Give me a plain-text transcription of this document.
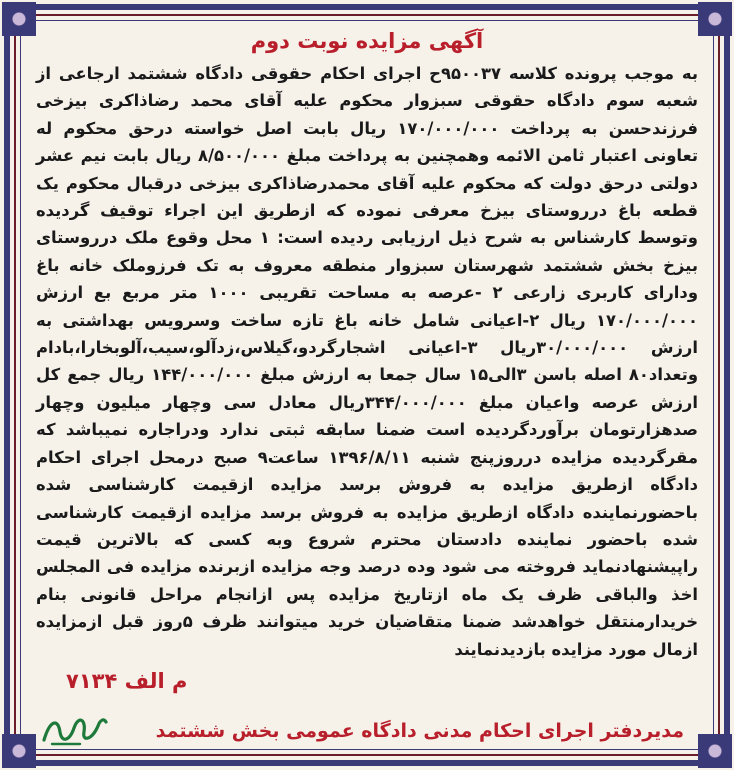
آگهی مزایده نوبت دوم

به موجب پرونده کلاسه ۹۵۰۰۳۷ح اجرای احکام حقوقی دادگاه ششتمد ارجاعی از شعبه سوم دادگاه حقوقی سبزوار محکوم علیه آقای محمد رضاذاکری بیزخی فرزندحسن به پرداخت ۱۷۰/۰۰۰/۰۰۰ ریال بابت اصل خواسته درحق محکوم له تعاونی اعتبار ثامن الائمه وهمچنین به پرداخت مبلغ ۸/۵۰۰/۰۰۰ ریال بابت نیم عشر دولتی درحق دولت که محکوم علیه آقای محمدرضاذاکری بیزخی درقبال محکوم یک قطعه باغ درروستای بیزخ معرفی نموده که ازطریق این اجراء توقیف گردیده وتوسط کارشناس به شرح ذیل ارزیابی ردیده است: ۱ محل وقوع ملک درروستای بیزخ بخش ششتمد شهرستان سبزوار منطقه معروف به تک فرزوملک خانه باغ ودارای کاربری زارعی ۲ -عرصه به مساحت تقریبی ۱۰۰۰ متر مربع بع ارزش ۱۷۰/۰۰۰/۰۰۰ ریال ۲-اعیانی شامل خانه باغ تازه ساخت وسرویس بهداشتی به ارزش ۳۰/۰۰۰/۰۰۰ریال ۳-اعیانی اشجارگردو،گیلاس،زدآلو،سیب،آلوبخارا،بادام وتعداد۸۰ اصله باسن ۳الی۱۵ سال جمعا به ارزش مبلغ ۱۴۴/۰۰۰/۰۰۰ ریال جمع کل ارزش عرصه واعیان مبلغ ۳۴۴/۰۰۰/۰۰۰ریال معادل سی وچهار میلیون وچهار صدهزارتومان برآوردگردیده است ضمنا سابقه ثبتی ندارد ودراجاره نمیباشد که مقرگردیده مزایده درروزپنج شنبه ۱۳۹۶/۸/۱۱ ساعت۹ صبح درمحل اجرای احکام دادگاه ازطریق مزایده به فروش برسد مزایده ازقیمت کارشناسی شده باحضورنماینده دادگاه ازطریق مزایده به فروش برسد مزایده ازقیمت کارشناسی شده باحضور نماینده دادستان محترم شروع وبه کسی که بالاترین قیمت راپیشنهادنماید فروخته می شود وده درصد وجه مزایده ازبرنده مزایده فی المجلس اخذ والباقی ظرف یک ماه ازتاریخ مزایده پس ازانجام مراحل قانونی بنام خریدارمنتقل خواهدشد ضمنا متقاضیان خرید میتوانند ظرف ۵روز قبل ازمزایده ازمال مورد مزایده بازدیدنمایند

م الف ۷۱۳۴
مدیردفتر اجرای احکام مدنی دادگاه عمومی بخش ششتمد
